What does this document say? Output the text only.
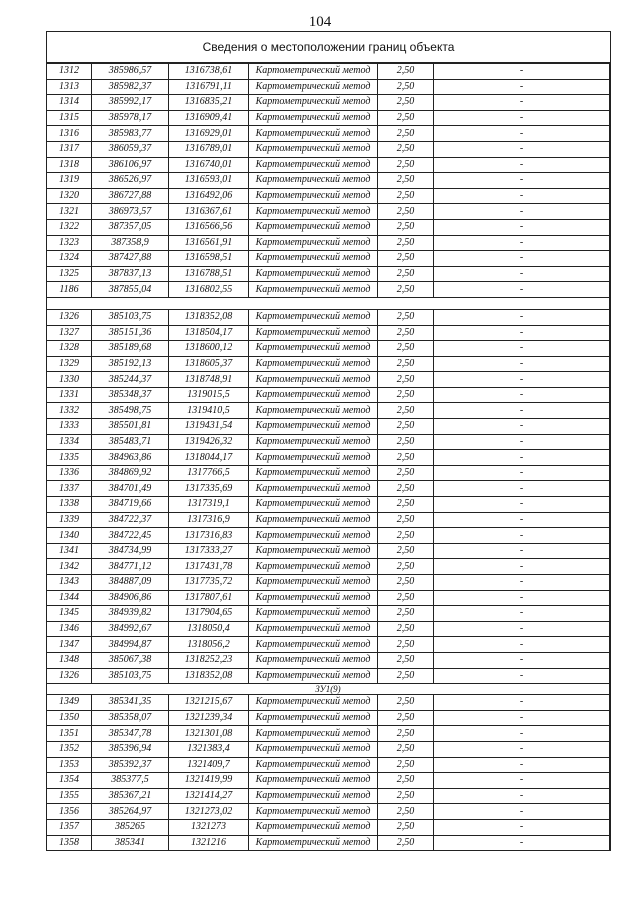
104
Сведения о местоположении границ объекта
1312	385986,57	1316738,61	Картометрический метод	2,50	-
1313	385982,37	1316791,11	Картометрический метод	2,50	-
1314	385992,17	1316835,21	Картометрический метод	2,50	-
1315	385978,17	1316909,41	Картометрический метод	2,50	-
1316	385983,77	1316929,01	Картометрический метод	2,50	-
1317	386059,37	1316789,01	Картометрический метод	2,50	-
1318	386106,97	1316740,01	Картометрический метод	2,50	-
1319	386526,97	1316593,01	Картометрический метод	2,50	-
1320	386727,88	1316492,06	Картометрический метод	2,50	-
1321	386973,57	1316367,61	Картометрический метод	2,50	-
1322	387357,05	1316566,56	Картометрический метод	2,50	-
1323	387358,9	1316561,91	Картометрический метод	2,50	-
1324	387427,88	1316598,51	Картометрический метод	2,50	-
1325	387837,13	1316788,51	Картометрический метод	2,50	-
1186	387855,04	1316802,55	Картометрический метод	2,50	-

1326	385103,75	1318352,08	Картометрический метод	2,50	-
1327	385151,36	1318504,17	Картометрический метод	2,50	-
1328	385189,68	1318600,12	Картометрический метод	2,50	-
1329	385192,13	1318605,37	Картометрический метод	2,50	-
1330	385244,37	1318748,91	Картометрический метод	2,50	-
1331	385348,37	1319015,5	Картометрический метод	2,50	-
1332	385498,75	1319410,5	Картометрический метод	2,50	-
1333	385501,81	1319431,54	Картометрический метод	2,50	-
1334	385483,71	1319426,32	Картометрический метод	2,50	-
1335	384963,86	1318044,17	Картометрический метод	2,50	-
1336	384869,92	1317766,5	Картометрический метод	2,50	-
1337	384701,49	1317335,69	Картометрический метод	2,50	-
1338	384719,66	1317319,1	Картометрический метод	2,50	-
1339	384722,37	1317316,9	Картометрический метод	2,50	-
1340	384722,45	1317316,83	Картометрический метод	2,50	-
1341	384734,99	1317333,27	Картометрический метод	2,50	-
1342	384771,12	1317431,78	Картометрический метод	2,50	-
1343	384887,09	1317735,72	Картометрический метод	2,50	-
1344	384906,86	1317807,61	Картометрический метод	2,50	-
1345	384939,82	1317904,65	Картометрический метод	2,50	-
1346	384992,67	1318050,4	Картометрический метод	2,50	-
1347	384994,87	1318056,2	Картометрический метод	2,50	-
1348	385067,38	1318252,23	Картометрический метод	2,50	-
1326	385103,75	1318352,08	Картометрический метод	2,50	-
ЗУ1(9)					
1349	385341,35	1321215,67	Картометрический метод	2,50	-
1350	385358,07	1321239,34	Картометрический метод	2,50	-
1351	385347,78	1321301,08	Картометрический метод	2,50	-
1352	385396,94	1321383,4	Картометрический метод	2,50	-
1353	385392,37	1321409,7	Картометрический метод	2,50	-
1354	385377,5	1321419,99	Картометрический метод	2,50	-
1355	385367,21	1321414,27	Картометрический метод	2,50	-
1356	385264,97	1321273,02	Картометрический метод	2,50	-
1357	385265	1321273	Картометрический метод	2,50	-
1358	385341	1321216	Картометрический метод	2,50	-
